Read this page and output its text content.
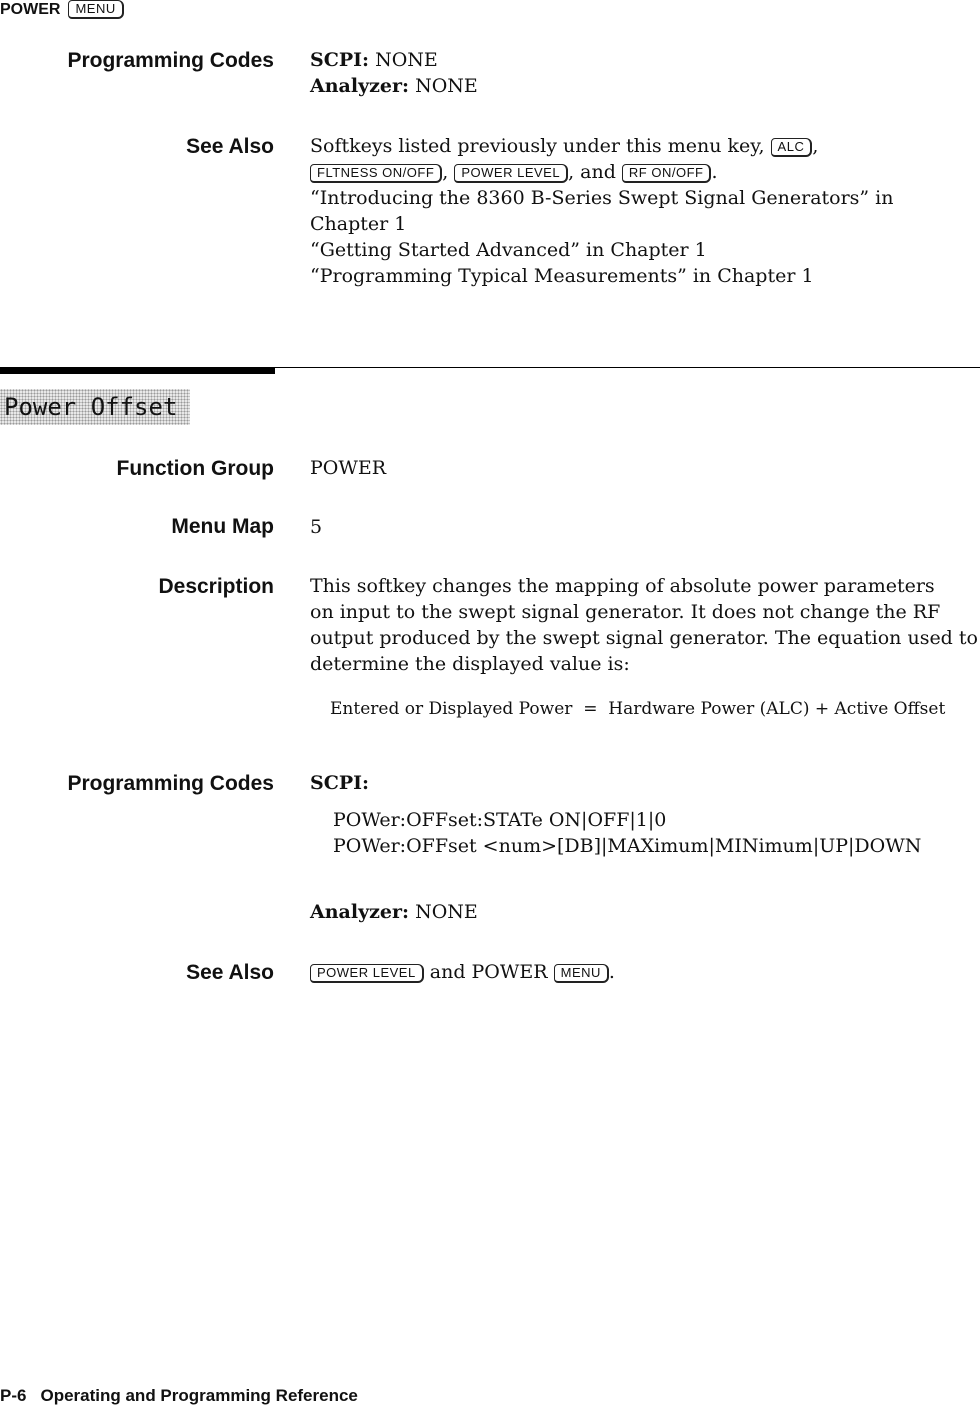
POWER	MENU
Programming Codes SCPI: NONE
Analyzer: NONE
See Also Softkeys listed previously under this menu key, ALC ,
FLTNESS ON/OFF , POWER LEVEL , and RF ON/OFF .
“Introducing the 8360 B-Series Swept Signal Generators” in
Chapter 1
“Getting Started Advanced” in Chapter 1
“Programming Typical Measurements” in Chapter 1
Power Offset
Function Group POWER
Menu Map 5
Description This softkey changes the mapping of absolute power parameters
on input to the swept signal generator. It does not change the RF
output produced by the swept signal generator. The equation used to
determine the displayed value is:
Entered or Displayed Power  =  Hardware Power (ALC) + Active Offset
Programming Codes SCPI:
POWer:OFFset:STATe ON|OFF|1|0
POWer:OFFset <num>[DB]|MAXimum|MINimum|UP|DOWN
Analyzer: NONE
See Also	POWER LEVEL and POWER MENU .
P-6 Operating and Programming Reference
